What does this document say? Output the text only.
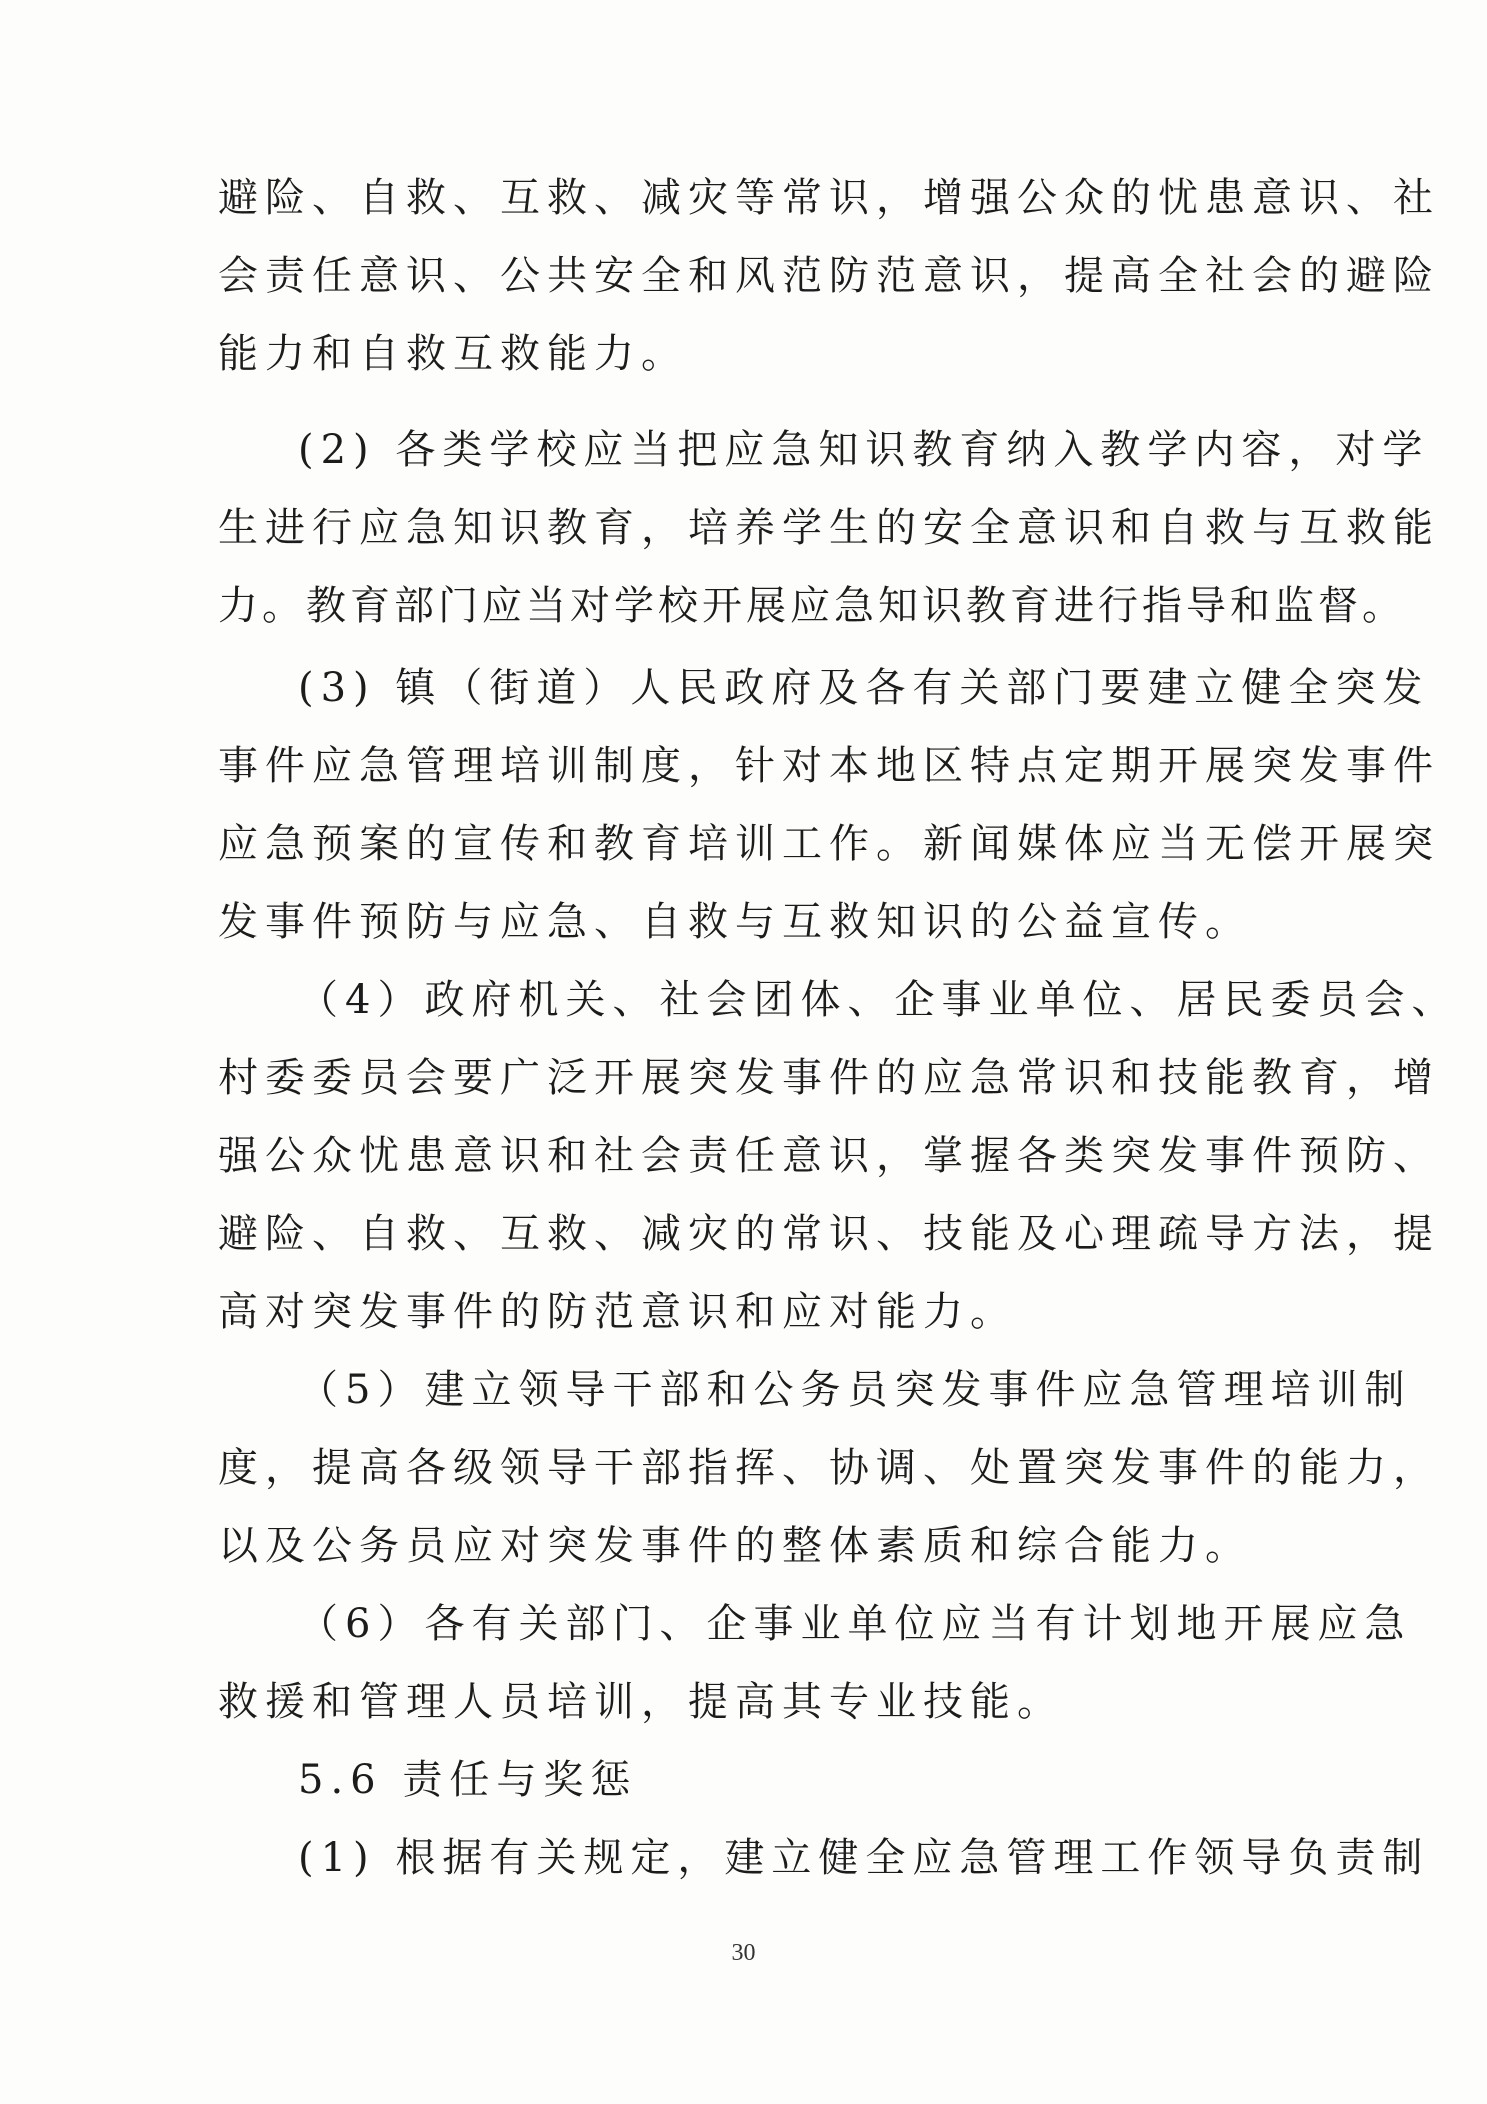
避险、自救、互救、减灾等常识，增强公众的忧患意识、社
会责任意识、公共安全和风范防范意识，提高全社会的避险
能力和自救互救能力。
(2) 各类学校应当把应急知识教育纳入教学内容，对学
生进行应急知识教育，培养学生的安全意识和自救与互救能
力。教育部门应当对学校开展应急知识教育进行指导和监督。
(3) 镇（街道）人民政府及各有关部门要建立健全突发
事件应急管理培训制度，针对本地区特点定期开展突发事件
应急预案的宣传和教育培训工作。新闻媒体应当无偿开展突
发事件预防与应急、自救与互救知识的公益宣传。
（4）政府机关、社会团体、企事业单位、居民委员会、
村委委员会要广泛开展突发事件的应急常识和技能教育，增
强公众忧患意识和社会责任意识，掌握各类突发事件预防、
避险、自救、互救、减灾的常识、技能及心理疏导方法，提
高对突发事件的防范意识和应对能力。
（5）建立领导干部和公务员突发事件应急管理培训制
度，提高各级领导干部指挥、协调、处置突发事件的能力，
以及公务员应对突发事件的整体素质和综合能力。
（6）各有关部门、企事业单位应当有计划地开展应急
救援和管理人员培训，提高其专业技能。
5.6 责任与奖惩
(1) 根据有关规定，建立健全应急管理工作领导负责制
30
